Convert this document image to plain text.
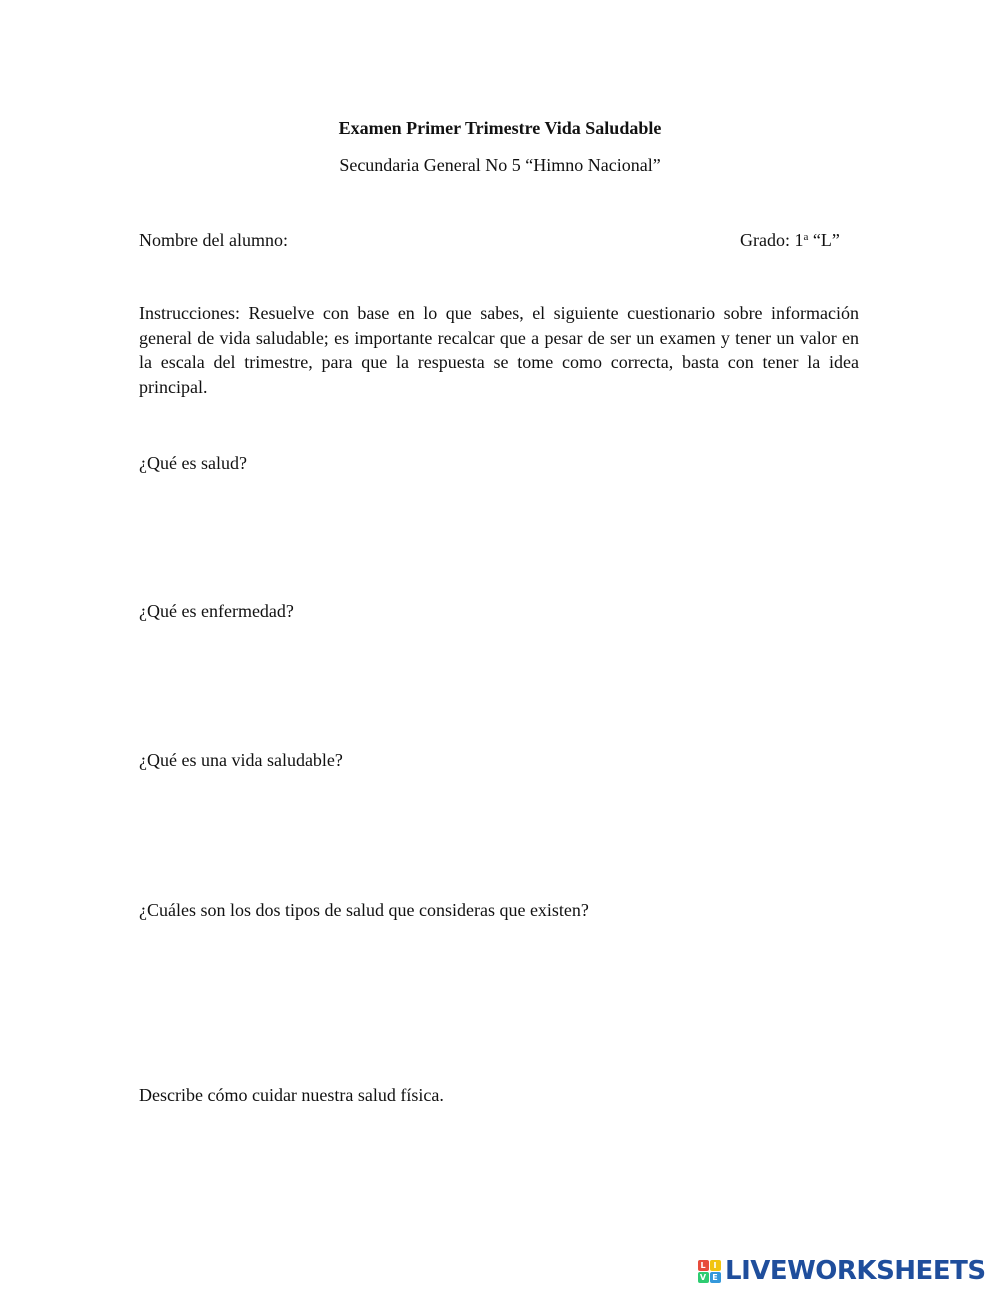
Examen Primer Trimestre Vida Saludable
Secundaria General No 5 “Himno Nacional”
Nombre del alumno:	Grado: 1$^a$ “L”
Instrucciones: Resuelve con base en lo que sabes, el siguiente cuestionario sobre información general de vida saludable; es importante recalcar que a pesar de ser un examen y tener un valor en la escala del trimestre, para que la respuesta se tome como correcta, basta con tener la idea principal.
¿Qué es salud?
¿Qué es enfermedad?
¿Qué es una vida saludable?
¿Cuáles son los dos tipos de salud que consideras que existen?
Describe cómo cuidar nuestra salud física.
L I
V E LIVEWORKSHEETS
